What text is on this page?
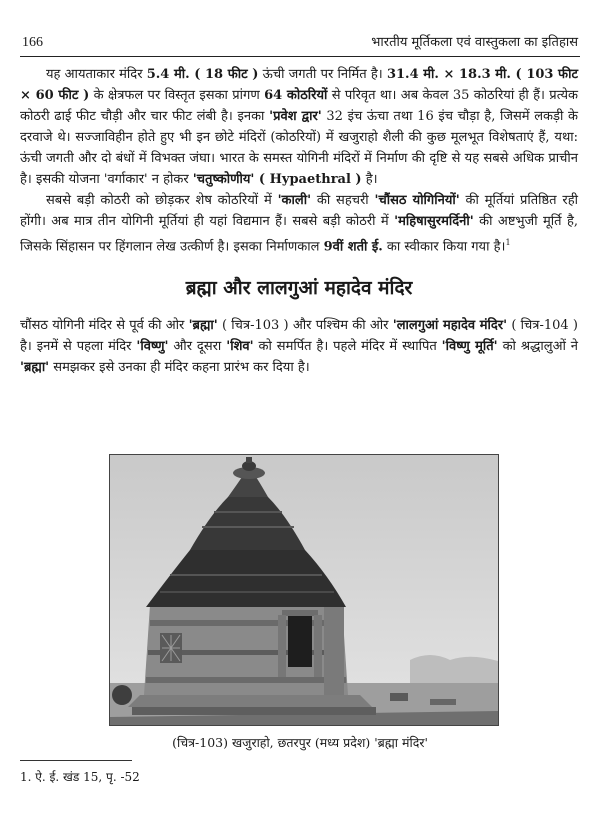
166	भारतीय मूर्तिकला एवं वास्तुकला का इतिहास

यह आयताकार मंदिर 5.4 मी. ( 18 फीट ) ऊंची जगती पर निर्मित है। 31.4 मी. × 18.3 मी. ( 103 फीट × 60 फीट ) के क्षेत्रफल पर विस्तृत इसका प्रांगण 64 कोठरियों से परिवृत था। अब केवल 35 कोठरियां ही हैं। प्रत्येक कोठरी ढाई फीट चौड़ी और चार फीट लंबी है। इनका 'प्रवेश द्वार' 32 इंच ऊंचा तथा 16 इंच चौड़ा है, जिसमें लकड़ी के दरवाजे थे। सज्जाविहीन होते हुए भी इन छोटे मंदिरों (कोठरियों) में खजुराहो शैली की कुछ मूलभूत विशेषताएं हैं, यथा: ऊंची जगती और दो बंधों में विभक्त जंघा। भारत के समस्त योगिनी मंदिरों में निर्माण की दृष्टि से यह सबसे अधिक प्राचीन है। इसकी योजना 'वर्गाकार' न होकर 'चतुष्कोणीय' ( Hypaethral ) है।

सबसे बड़ी कोठरी को छोड़कर शेष कोठरियों में 'काली' की सहचरी 'चौंसठ योगिनियों' की मूर्तियां प्रतिष्ठित रही होंगी। अब मात्र तीन योगिनी मूर्तियां ही यहां विद्यमान हैं। सबसे बड़ी कोठरी में 'महिषासुरमर्दिनी' की अष्टभुजी मूर्ति है, जिसके सिंहासन पर हिंगलान लेख उत्कीर्ण है। इसका निर्माणकाल 9वीं शती ई. का स्वीकार किया गया है।$^1$

ब्रह्मा और लालगुआं महादेव मंदिर

चौंसठ योगिनी मंदिर से पूर्व की ओर 'ब्रह्मा' ( चित्र-103 ) और पश्चिम की ओर 'लालगुआं महादेव मंदिर' ( चित्र-104 ) है। इनमें से पहला मंदिर 'विष्णु' और दूसरा 'शिव' को समर्पित है। पहले मंदिर में स्थापित 'विष्णु मूर्ति' को श्रद्धालुओं ने 'ब्रह्मा' समझकर इसे उनका ही मंदिर कहना प्रारंभ कर दिया है।

(चित्र-103) खजुराहो, छतरपुर (मध्य प्रदेश) 'ब्रह्मा मंदिर'
1. ऐ. ई. खंड 15, पृ. -52
